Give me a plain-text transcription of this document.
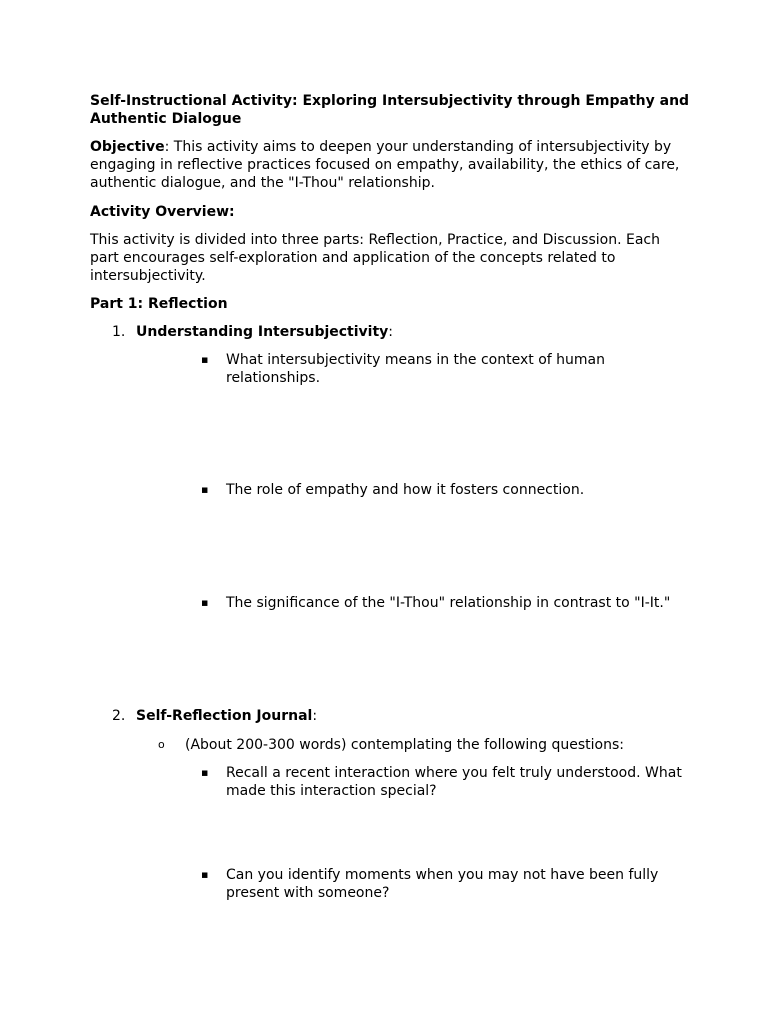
Self-Instructional Activity: Exploring Intersubjectivity through Empathy and Authentic Dialogue
Objective: This activity aims to deepen your understanding of intersubjectivity by engaging in reflective practices focused on empathy, availability, the ethics of care, authentic dialogue, and the "I-Thou" relationship.
Activity Overview:
This activity is divided into three parts: Reflection, Practice, and Discussion. Each part encourages self-exploration and application of the concepts related to intersubjectivity.
Part 1: Reflection
1. Understanding Intersubjectivity:
▪	What intersubjectivity means in the context of human relationships.
▪	The role of empathy and how it fosters connection.
▪	The significance of the "I-Thou" relationship in contrast to "I-It."
2. Self-Reflection Journal:
o	(About 200-300 words) contemplating the following questions:
▪	Recall a recent interaction where you felt truly understood. What made this interaction special?
▪	Can you identify moments when you may not have been fully present with someone?
